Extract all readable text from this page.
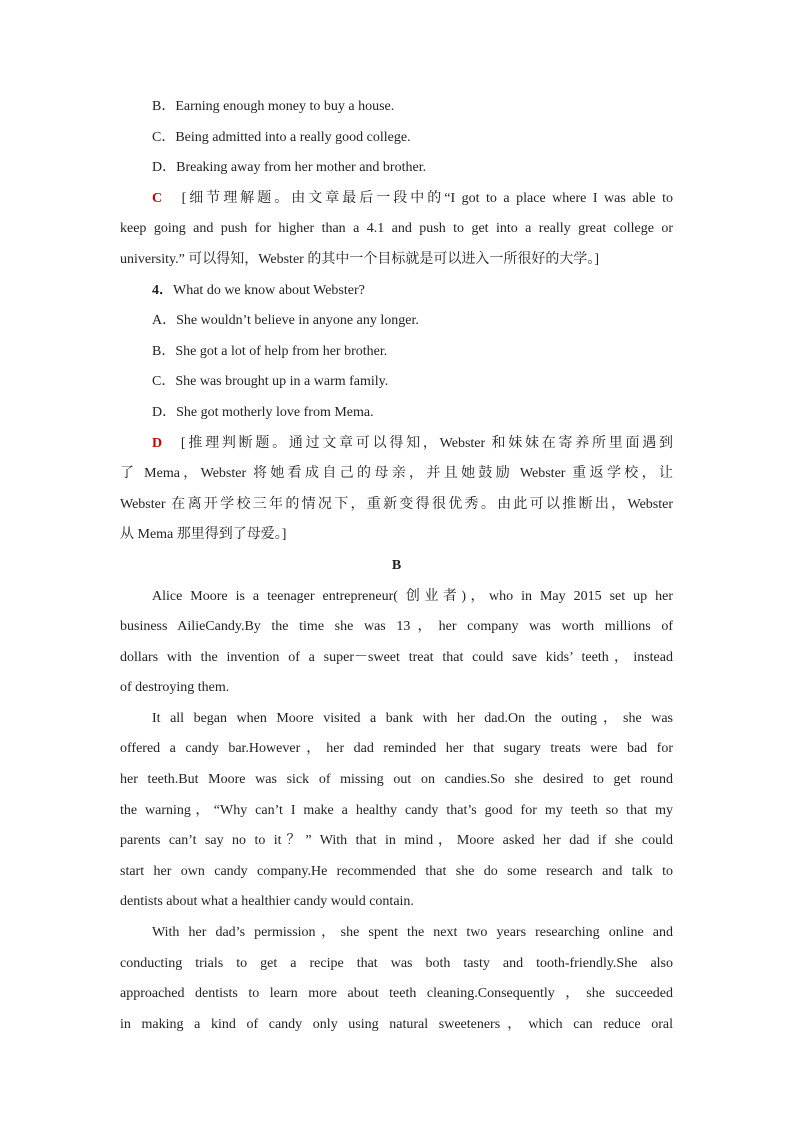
B．Earning enough money to buy a house.

C．Being admitted into a really good college.

D．Breaking away from her mother and brother.

C [细节理解题。由文章最后一段中的“I got to a place where I was able to

keep going and push for higher than a 4.1 and push to get into a really great college or

university.” 可以得知，Webster 的其中一个目标就是可以进入一所很好的大学。]

4．What do we know about Webster?

A．She wouldn’t believe in anyone any longer.

B．She got a lot of help from her brother.

C．She was brought up in a warm family.

D．She got motherly love from Mema.

D [推理判断题。通过文章可以得知，Webster 和妹妹在寄养所里面遇到

了 Mema，Webster 将她看成自己的母亲，并且她鼓励 Webster 重返学校，让

Webster 在离开学校三年的情况下，重新变得很优秀。由此可以推断出，Webster

从 Mema 那里得到了母爱。]

B

Alice Moore is a teenager entrepreneur( 创业者)，who in May 2015 set up her

business AilieCandy.By the time she was 13，her company was worth millions of

dollars with the invention of a super－sweet treat that could save kids’ teeth，instead

of destroying them.

It all began when Moore visited a bank with her dad.On the outing，she was

offered a candy bar.However，her dad reminded her that sugary treats were bad for

her teeth.But Moore was sick of missing out on candies.So she desired to get round

the warning，“Why can’t I make a healthy candy that’s good for my teeth so that my

parents can’t say no to it？” With that in mind，Moore asked her dad if she could

start her own candy company.He recommended that she do some research and talk to

dentists about what a healthier candy would contain.

With her dad’s permission，she spent the next two years researching online and

conducting trials to get a recipe that was both tasty and tooth-friendly.She also

approached dentists to learn more about teeth cleaning.Consequently ，she succeeded

in making a kind of candy only using natural sweeteners，which can reduce oral
